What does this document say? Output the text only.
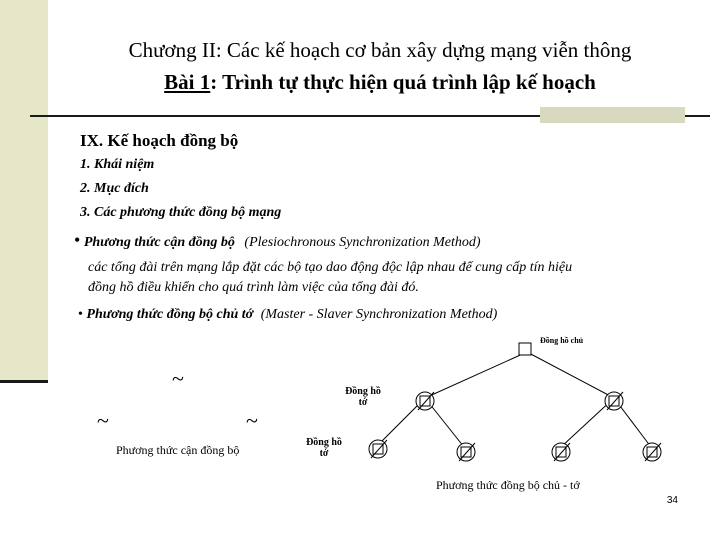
Chương II: Các kế hoạch cơ bản xây dựng mạng viễn thông
Bài 1: Trình tự thực hiện quá trình lập kế hoạch
IX. Kế hoạch đồng bộ
1. Khái niệm
2. Mục đích
3. Các phương thức đồng bộ mạng
• Phương thức cận đồng bộ (Plesiochronous Synchronization Method)
các tổng đài trên mạng lắp đặt các bộ tạo dao động độc lập nhau để cung cấp tín hiệu
đồng hồ điều khiển cho quá trình làm việc của tổng đài đó.
• Phương thức đồng bộ chủ tớ (Master - Slaver Synchronization Method)
~
~	~
Phương thức cận đồng bộ
Đồng hồ chủ
Đồng hồ
tớ
Đồng hồ
tớ
Phương thức đồng bộ chủ - tớ
34
